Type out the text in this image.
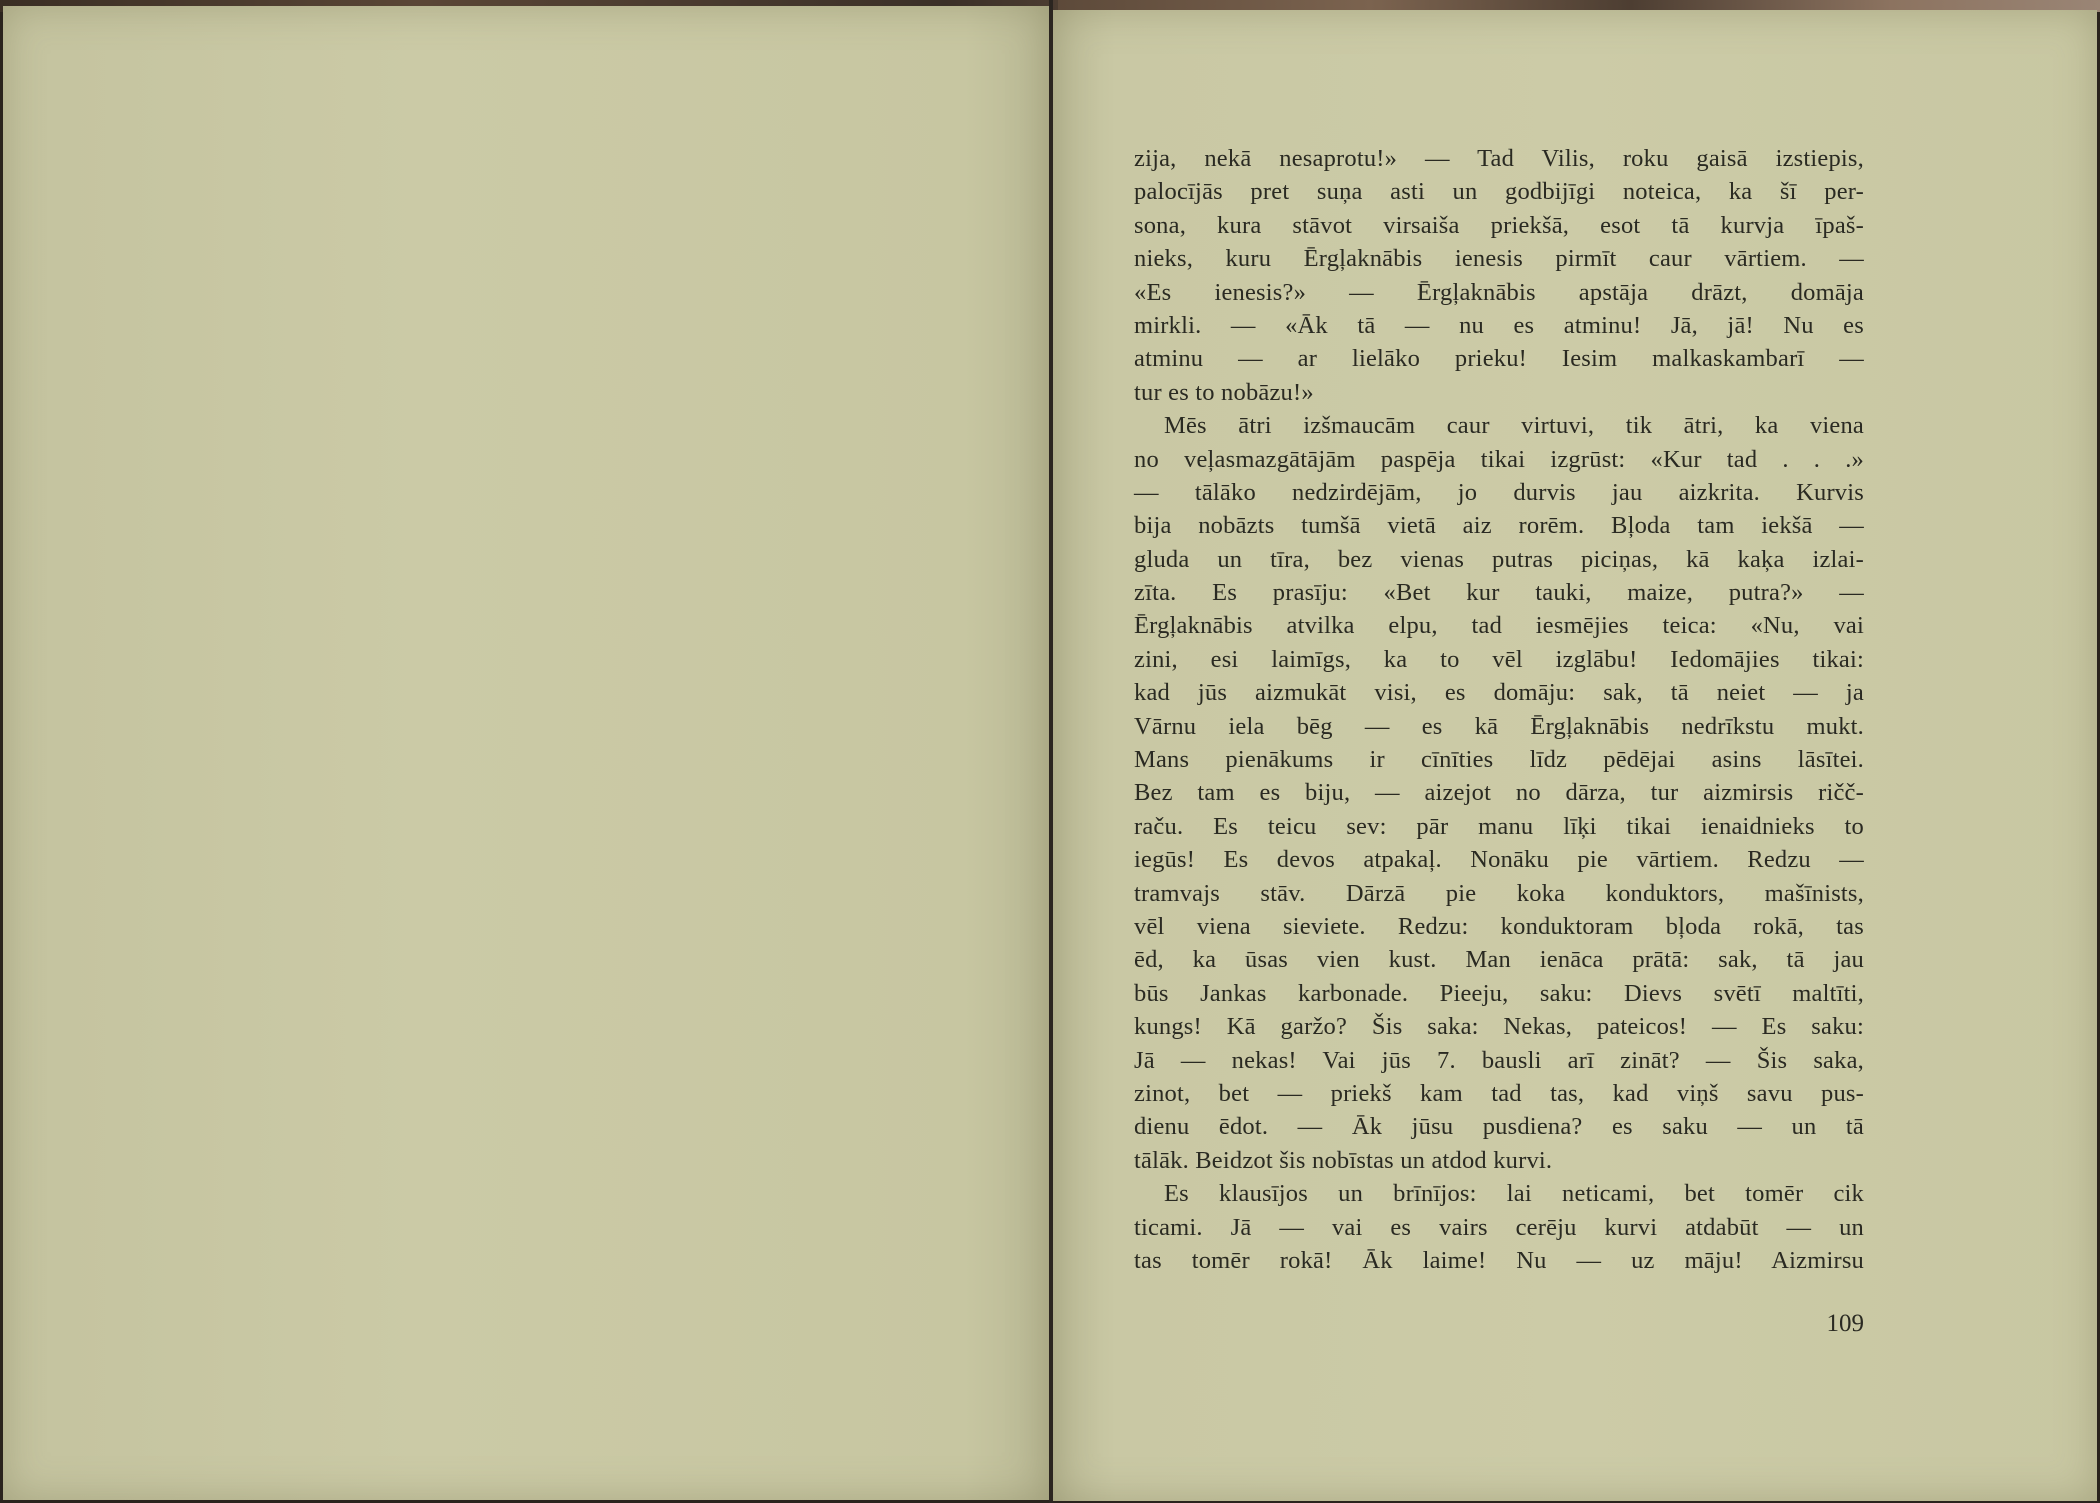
zija, nekā nesaprotu!» — Tad Vilis, roku gaisā izstiepis,
palocījās pret suņa asti un godbijīgi noteica, ka šī per-
sona, kura stāvot virsaiša priekšā, esot tā kurvja īpaš-
nieks, kuru Ērgļaknābis ienesis pirmīt caur vārtiem. —
«Es ienesis?» — Ērgļaknābis apstāja drāzt, domāja
mirkli. — «Āk tā — nu es atminu! Jā, jā! Nu es
atminu — ar lielāko prieku! Iesim malkaskambarī —
tur es to nobāzu!»
Mēs ātri izšmaucām caur virtuvi, tik ātri, ka viena
no veļasmazgātājām paspēja tikai izgrūst: «Kur tad . . .»
— tālāko nedzirdējām, jo durvis jau aizkrita. Kurvis
bija nobāzts tumšā vietā aiz rorēm. Bļoda tam iekšā —
gluda un tīra, bez vienas putras piciņas, kā kaķa izlai-
zīta. Es prasīju: «Bet kur tauki, maize, putra?» —
Ērgļaknābis atvilka elpu, tad iesmējies teica: «Nu, vai
zini, esi laimīgs, ka to vēl izglābu! Iedomājies tikai:
kad jūs aizmukāt visi, es domāju: sak, tā neiet — ja
Vārnu iela bēg — es kā Ērgļaknābis nedrīkstu mukt.
Mans pienākums ir cīnīties līdz pēdējai asins lāsītei.
Bez tam es biju, — aizejot no dārza, tur aizmirsis ričč-
raču. Es teicu sev: pār manu līķi tikai ienaidnieks to
iegūs! Es devos atpakaļ. Nonāku pie vārtiem. Redzu —
tramvajs stāv. Dārzā pie koka konduktors, mašīnists,
vēl viena sieviete. Redzu: konduktoram bļoda rokā, tas
ēd, ka ūsas vien kust. Man ienāca prātā: sak, tā jau
būs Jankas karbonade. Pieeju, saku: Dievs svētī maltīti,
kungs! Kā garžo? Šis saka: Nekas, pateicos! — Es saku:
Jā — nekas! Vai jūs 7. bausli arī zināt? — Šis saka,
zinot, bet — priekš kam tad tas, kad viņš savu pus-
dienu ēdot. — Āk jūsu pusdiena? es saku — un tā
tālāk. Beidzot šis nobīstas un atdod kurvi.
Es klausījos un brīnījos: lai neticami, bet tomēr cik
ticami. Jā — vai es vairs cerēju kurvi atdabūt — un
tas tomēr rokā! Āk laime! Nu — uz māju! Aizmirsu
109
